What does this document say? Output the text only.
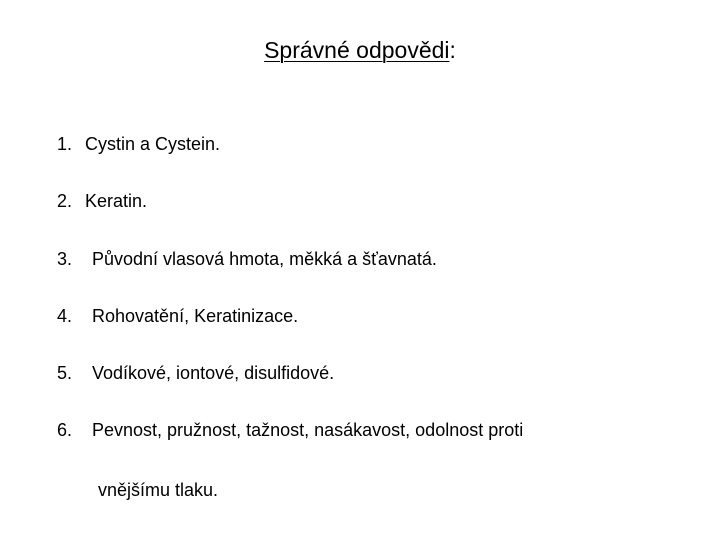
Správné odpovědi:
1. Cystin a Cystein.
2. Keratin.
3. Původní vlasová hmota, měkká a šťavnatá.
4. Rohovatění, Keratinizace.
5. Vodíkové, iontové, disulfidové.
6. Pevnost, pružnost, tažnost, nasákavost, odolnost proti
vnějšímu tlaku.
